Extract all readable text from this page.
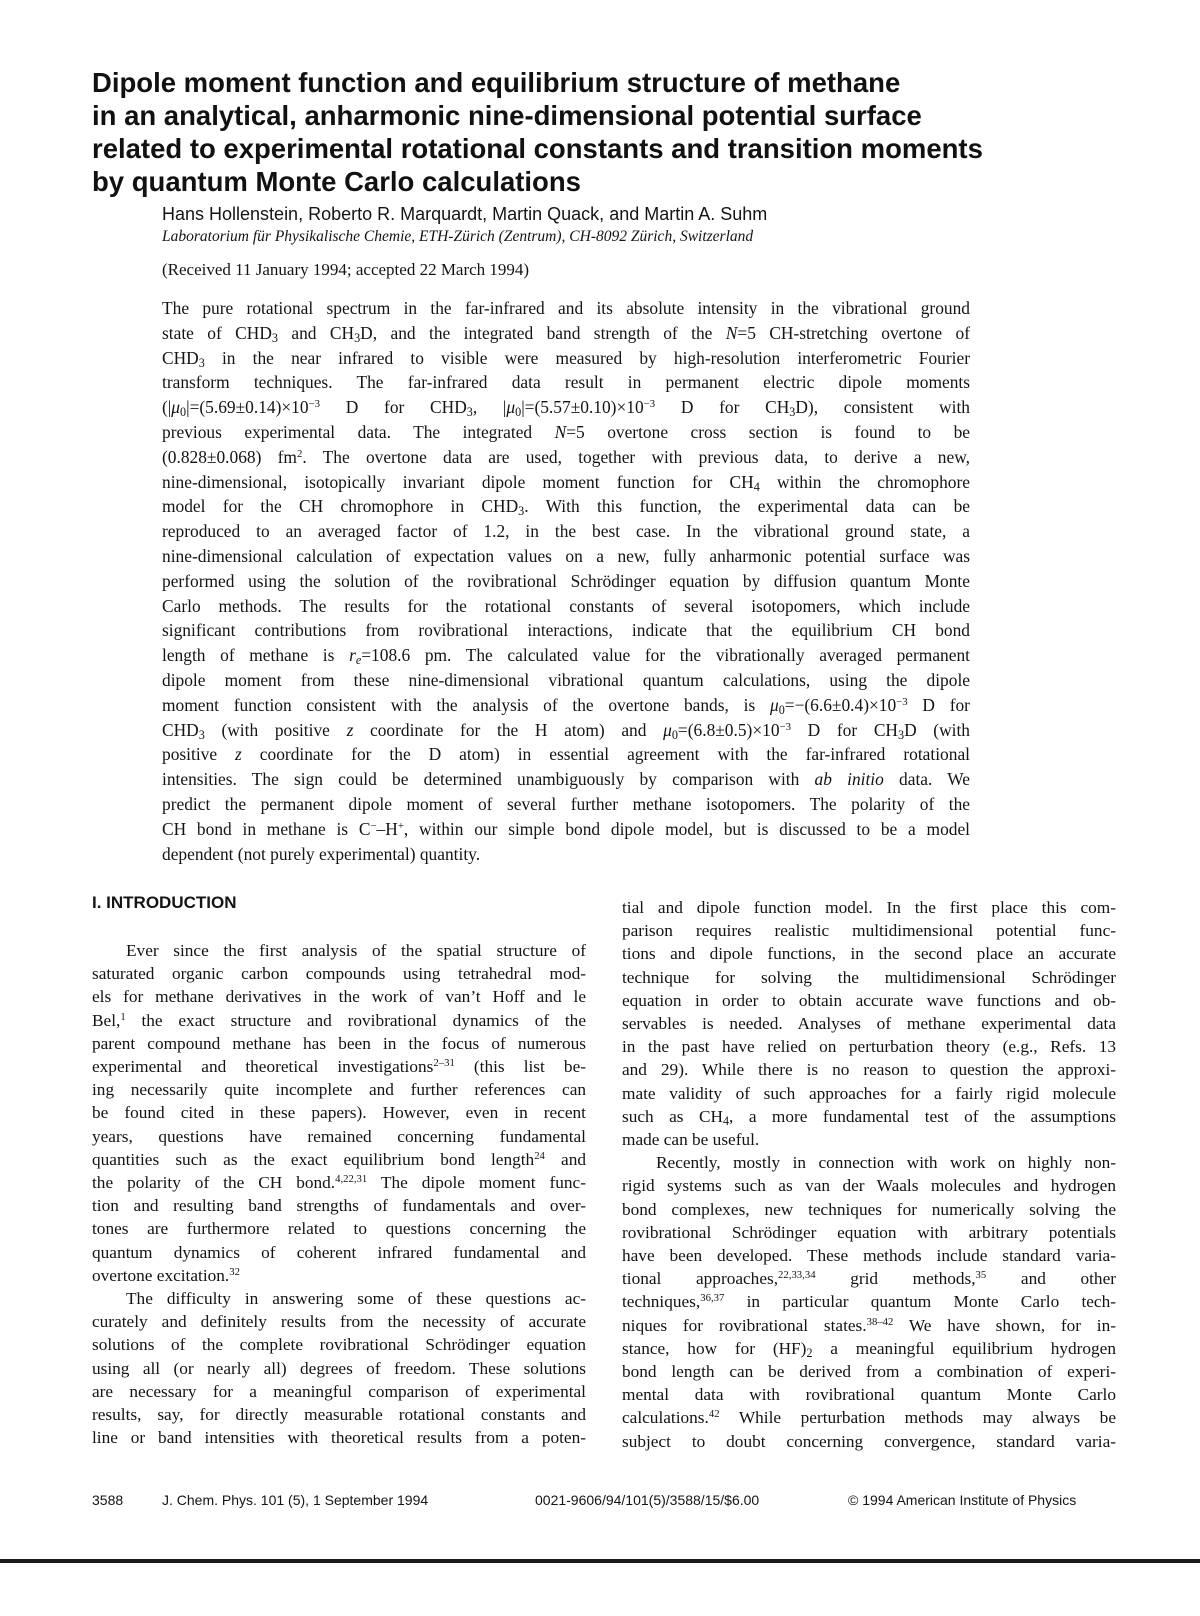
Dipole moment function and equilibrium structure of methane
in an analytical, anharmonic nine-dimensional potential surface
related to experimental rotational constants and transition moments
by quantum Monte Carlo calculations
Hans Hollenstein, Roberto R. Marquardt, Martin Quack, and Martin A. Suhm
Laboratorium für Physikalische Chemie, ETH-Zürich (Zentrum), CH-8092 Zürich, Switzerland
(Received 11 January 1994; accepted 22 March 1994)
The pure rotational spectrum in the far-infrared and its absolute intensity in the vibrational ground
state of $CHD_3$ and $CH_3D$, and the integrated band strength of the N=5 CH-stretching overtone of
$CHD_3$ in the near infrared to visible were measured by high-resolution interferometric Fourier
transform techniques. The far-infrared data result in permanent electric dipole moments
($|\mu_0|=(5.69\pm 0.14)\times 10^{-3}$ D for $CHD_3$, $|\mu_0|=(5.57\pm 0.10)\times 10^{-3}$ D for $CH_3D$), consistent with
previous experimental data. The integrated N=5 overtone cross section is found to be
(0.828±0.068) $fm^2$. The overtone data are used, together with previous data, to derive a new,
nine-dimensional, isotopically invariant dipole moment function for $CH_4$ within the chromophore
model for the CH chromophore in $CHD_3$. With this function, the experimental data can be
reproduced to an averaged factor of 1.2, in the best case. In the vibrational ground state, a
nine-dimensional calculation of expectation values on a new, fully anharmonic potential surface was
performed using the solution of the rovibrational Schrödinger equation by diffusion quantum Monte
Carlo methods. The results for the rotational constants of several isotopomers, which include
significant contributions from rovibrational interactions, indicate that the equilibrium CH bond
length of methane is $r_e=108.6$ pm. The calculated value for the vibrationally averaged permanent
dipole moment from these nine-dimensional vibrational quantum calculations, using the dipole
moment function consistent with the analysis of the overtone bands, is $\mu_0=-(6.6\pm 0.4)\times 10^{-3}$ D for
$CHD_3$ (with positive z coordinate for the H atom) and $\mu_0=(6.8\pm 0.5)\times 10^{-3}$ D for $CH_3D$ (with
positive z coordinate for the D atom) in essential agreement with the far-infrared rotational
intensities. The sign could be determined unambiguously by comparison with ab initio data. We
predict the permanent dipole moment of several further methane isotopomers. The polarity of the
CH bond in methane is C−–H+, within our simple bond dipole model, but is discussed to be a model
dependent (not purely experimental) quantity.
I. INTRODUCTION
Ever since the first analysis of the spatial structure of
saturated organic carbon compounds using tetrahedral mod-
els for methane derivatives in the work of van’t Hoff and le
Bel,$^1$ the exact structure and rovibrational dynamics of the
parent compound methane has been in the focus of numerous
experimental and theoretical investigations$^{2-31}$ (this list be-
ing necessarily quite incomplete and further references can
be found cited in these papers). However, even in recent
years, questions have remained concerning fundamental
quantities such as the exact equilibrium bond length$^{24}$ and
the polarity of the CH bond.$^{4,22,31}$ The dipole moment func-
tion and resulting band strengths of fundamentals and over-
tones are furthermore related to questions concerning the
quantum dynamics of coherent infrared fundamental and
overtone excitation.$^{32}$
The difficulty in answering some of these questions ac-
curately and definitely results from the necessity of accurate
solutions of the complete rovibrational Schrödinger equation
using all (or nearly all) degrees of freedom. These solutions
are necessary for a meaningful comparison of experimental
results, say, for directly measurable rotational constants and
line or band intensities with theoretical results from a poten-
tial and dipole function model. In the first place this com-
parison requires realistic multidimensional potential func-
tions and dipole functions, in the second place an accurate
technique for solving the multidimensional Schrödinger
equation in order to obtain accurate wave functions and ob-
servables is needed. Analyses of methane experimental data
in the past have relied on perturbation theory (e.g., Refs. 13
and 29). While there is no reason to question the approxi-
mate validity of such approaches for a fairly rigid molecule
such as $CH_4$, a more fundamental test of the assumptions
made can be useful.
Recently, mostly in connection with work on highly non-
rigid systems such as van der Waals molecules and hydrogen
bond complexes, new techniques for numerically solving the
rovibrational Schrödinger equation with arbitrary potentials
have been developed. These methods include standard varia-
tional approaches,$^{22,33,34}$ grid methods,$^{35}$ and other
techniques,$^{36,37}$ in particular quantum Monte Carlo tech-
niques for rovibrational states.$^{38-42}$ We have shown, for in-
stance, how for $(HF)_2$ a meaningful equilibrium hydrogen
bond length can be derived from a combination of experi-
mental data with rovibrational quantum Monte Carlo
calculations.$^{42}$ While perturbation methods may always be
subject to doubt concerning convergence, standard varia-
3588	J. Chem. Phys. 101 (5), 1 September 1994	0021-9606/94/101(5)/3588/15/$6.00	© 1994 American Institute of Physics
